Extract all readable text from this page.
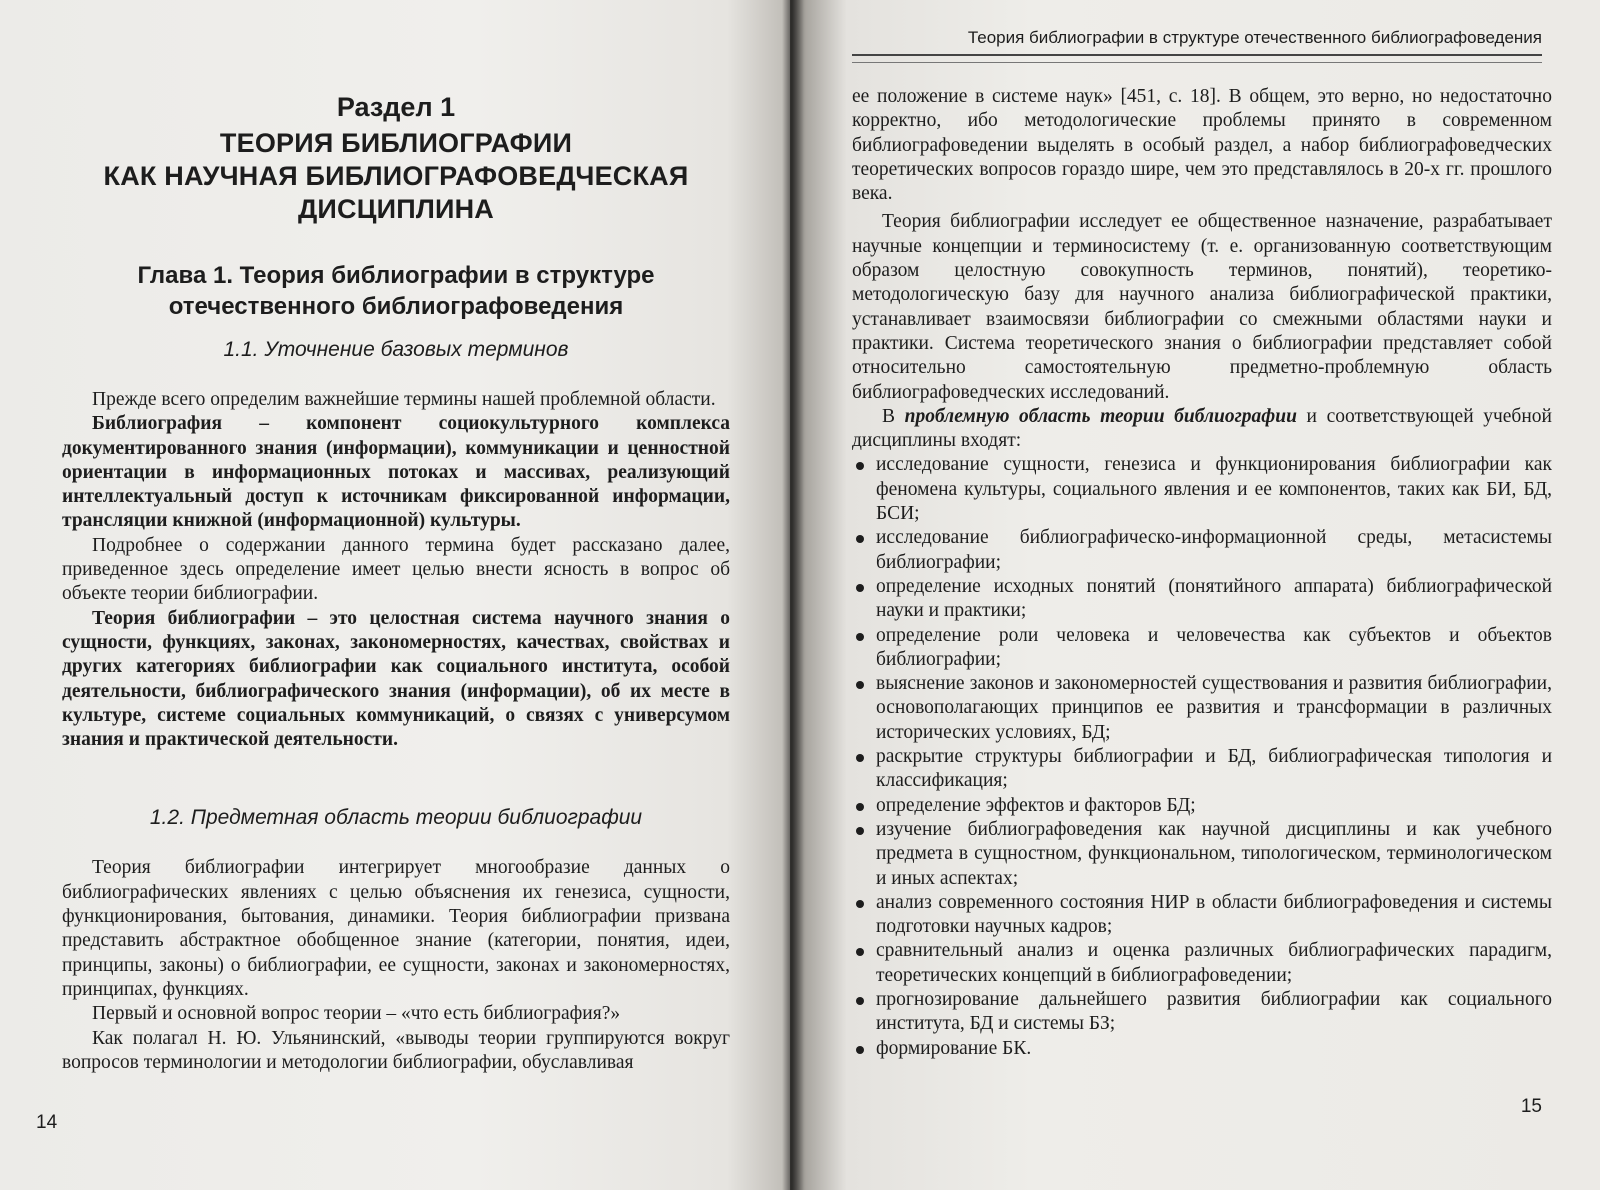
Раздел 1
ТЕОРИЯ БИБЛИОГРАФИИ
КАК НАУЧНАЯ БИБЛИОГРАФОВЕДЧЕСКАЯ
ДИСЦИПЛИНА
Глава 1. Теория библиографии в структуре
отечественного библиографоведения
1.1. Уточнение базовых терминов

Прежде всего определим важнейшие термины нашей проблемной области.

Библиография – компонент социокультурного комплекса документированного знания (информации), коммуникации и ценностной ориентации в информационных потоках и массивах, реализующий интеллектуальный доступ к источникам фиксированной информации, трансляции книжной (информационной) культуры.

Подробнее о содержании данного термина будет рассказано далее, приведенное здесь определение имеет целью внести ясность в вопрос об объекте теории библиографии.

Теория библиографии – это целостная система научного знания о сущности, функциях, законах, закономерностях, качествах, свойствах и других категориях библиографии как социального института, особой деятельности, библиографического знания (информации), об их месте в культуре, системе социальных коммуникаций, о связях с универсумом знания и практической деятельности.

1.2. Предметная область теории библиографии

Теория библиографии интегрирует многообразие данных о библиографических явлениях с целью объяснения их генезиса, сущности, функционирования, бытования, динамики. Теория библиографии призвана представить абстрактное обобщенное знание (категории, понятия, идеи, принципы, законы) о библиографии, ее сущности, законах и закономерностях, принципах, функциях.

Первый и основной вопрос теории – «что есть библиография?»

Как полагал Н. Ю. Ульянинский, «выводы теории группируются вокруг вопросов терминологии и методологии библиографии, обуславливая

14
Теория библиографии в структуре отечественного библиографоведения

ее положение в системе наук» [451, с. 18]. В общем, это верно, но недостаточно корректно, ибо методологические проблемы принято в современном библиографоведении выделять в особый раздел, а набор библиографоведческих теоретических вопросов гораздо шире, чем это представлялось в 20-х гг. прошлого века.

Теория библиографии исследует ее общественное назначение, разрабатывает научные концепции и терминосистему (т. е. организованную соответствующим образом целостную совокупность терминов, понятий), теоретико-методологическую базу для научного анализа библиографической практики, устанавливает взаимосвязи библиографии со смежными областями науки и практики. Система теоретического знания о библиографии представляет собой относительно самостоятельную предметно-проблемную область библиографоведческих исследований.

В проблемную область теории библиографии и соответствующей учебной дисциплины входят:

исследование сущности, генезиса и функционирования библиографии как феномена культуры, социального явления и ее компонентов, таких как БИ, БД, БСИ;
исследование библиографическо-информационной среды, метасистемы библиографии;
определение исходных понятий (понятийного аппарата) библиографической науки и практики;
определение роли человека и человечества как субъектов и объектов библиографии;
выяснение законов и закономерностей существования и развития библиографии, основополагающих принципов ее развития и трансформации в различных исторических условиях, БД;
раскрытие структуры библиографии и БД, библиографическая типология и классификация;
определение эффектов и факторов БД;
изучение библиографоведения как научной дисциплины и как учебного предмета в сущностном, функциональном, типологическом, терминологическом и иных аспектах;
анализ современного состояния НИР в области библиографоведения и системы подготовки научных кадров;
сравнительный анализ и оценка различных библиографических парадигм, теоретических концепций в библиографоведении;
прогнозирование дальнейшего развития библиографии как социального института, БД и системы БЗ;
формирование БК.
15
